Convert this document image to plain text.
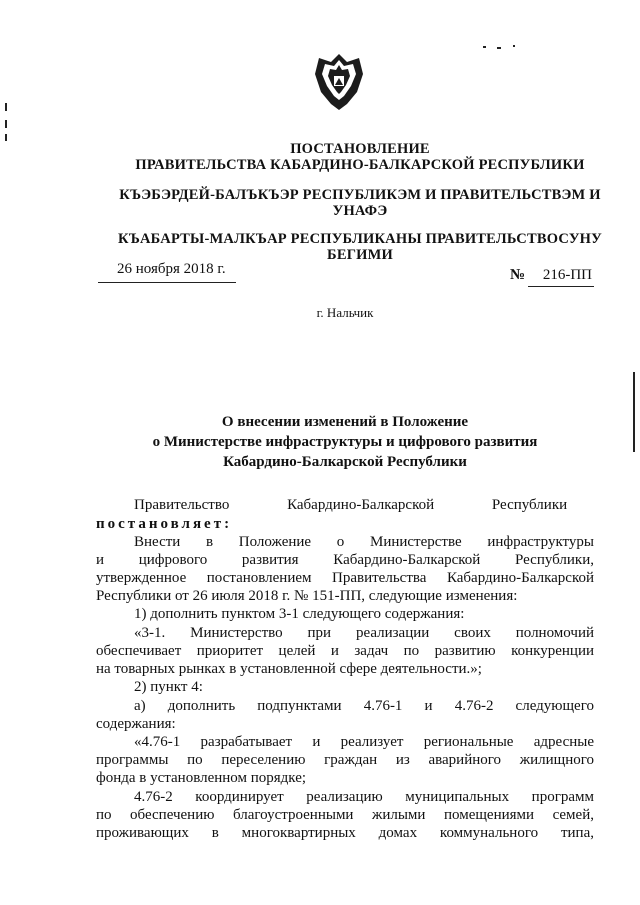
ПОСТАНОВЛЕНИЕ
ПРАВИТЕЛЬСТВА КАБАРДИНО-БАЛКАРСКОЙ РЕСПУБЛИКИ
КЪЭБЭРДЕЙ-БАЛЪКЪЭР РЕСПУБЛИКЭМ И ПРАВИТЕЛЬСТВЭМ И
УНАФЭ
КЪАБАРТЫ-МАЛКЪАР РЕСПУБЛИКАНЫ ПРАВИТЕЛЬСТВОСУНУ
БЕГИМИ
26 ноября 2018 г.	№ 216-ПП
г. Нальчик
О внесении изменений в Положение
о Министерстве инфраструктуры и цифрового развития
Кабардино-Балкарской Республики
Правительство Кабардино-Балкарской Республики
постановляет:
Внести в Положение о Министерстве инфраструктуры
и цифрового развития Кабардино-Балкарской Республики,
утвержденное постановлением Правительства Кабардино-Балкарской
Республики от 26 июля 2018 г. № 151-ПП, следующие изменения:
1) дополнить пунктом 3-1 следующего содержания:
«3-1. Министерство при реализации своих полномочий
обеспечивает приоритет целей и задач по развитию конкуренции
на товарных рынках в установленной сфере деятельности.»;
2) пункт 4:
а) дополнить подпунктами 4.76-1 и 4.76-2 следующего
содержания:
«4.76-1 разрабатывает и реализует региональные адресные
программы по переселению граждан из аварийного жилищного
фонда в установленном порядке;
4.76-2 координирует реализацию муниципальных программ
по обеспечению благоустроенными жилыми помещениями семей,
проживающих в многоквартирных домах коммунального типа,
